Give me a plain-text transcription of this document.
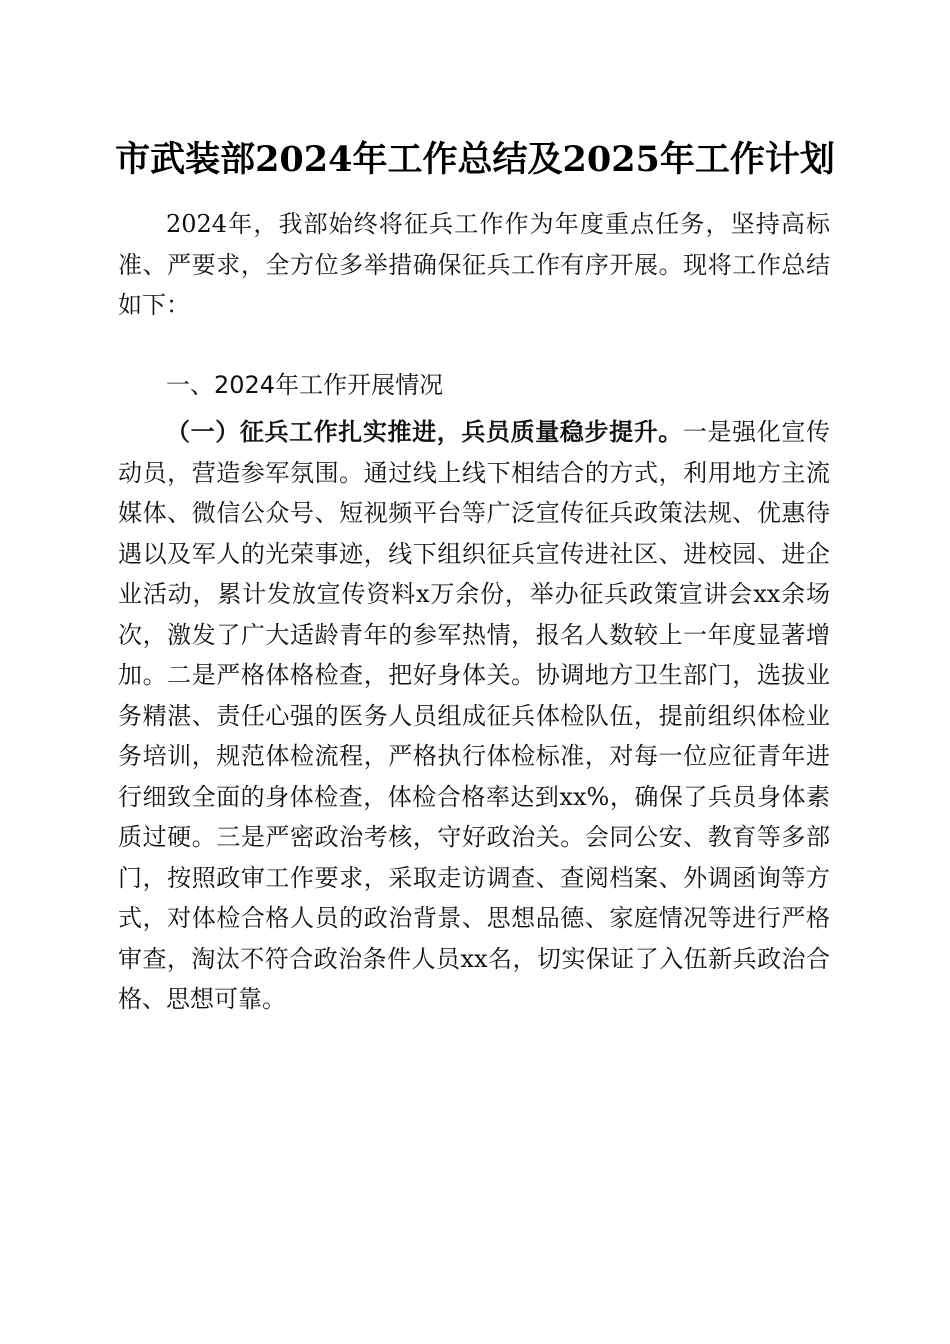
市武装部2024年工作总结及2025年工作计划

2024年，我部始终将征兵工作作为年度重点任务，坚持高标准、严要求，全方位多举措确保征兵工作有序开展。现将工作总结如下：

一、2024年工作开展情况

（一）征兵工作扎实推进，兵员质量稳步提升。一是强化宣传动员，营造参军氛围。通过线上线下相结合的方式，利用地方主流媒体、微信公众号、短视频平台等广泛宣传征兵政策法规、优惠待遇以及军人的光荣事迹，线下组织征兵宣传进社区、进校园、进企业活动，累计发放宣传资料x万余份，举办征兵政策宣讲会xx余场次，激发了广大适龄青年的参军热情，报名人数较上一年度显著增加。二是严格体格检查，把好身体关。协调地方卫生部门，选拔业务精湛、责任心强的医务人员组成征兵体检队伍，提前组织体检业务培训，规范体检流程，严格执行体检标准，对每一位应征青年进行细致全面的身体检查，体检合格率达到xx%，确保了兵员身体素质过硬。三是严密政治考核，守好政治关。会同公安、教育等多部门，按照政审工作要求，采取走访调查、查阅档案、外调函询等方式，对体检合格人员的政治背景、思想品德、家庭情况等进行严格审查，淘汰不符合政治条件人员xx名，切实保证了入伍新兵政治合格、思想可靠。
